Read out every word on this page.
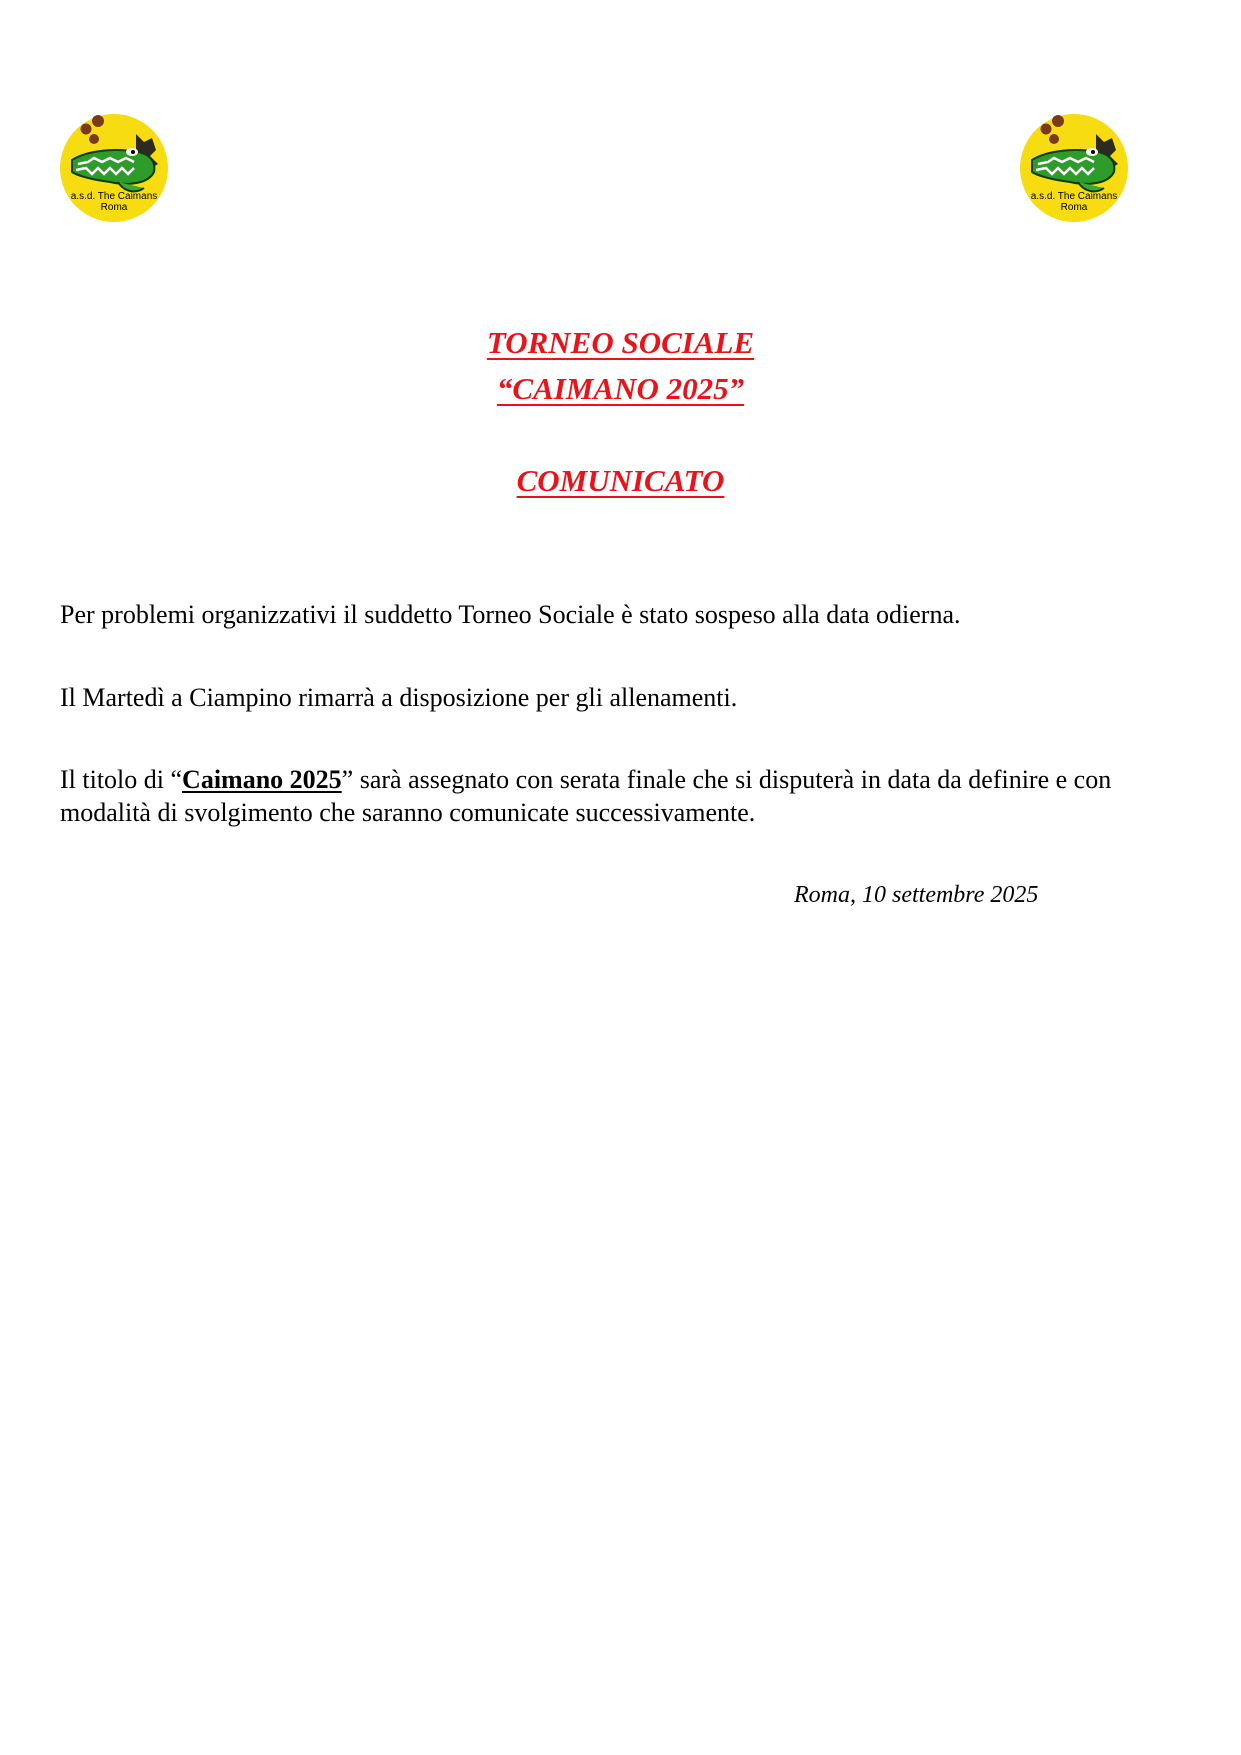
a.s.d. The Caimans
Roma
a.s.d. The Caimans
Roma
TORNEO SOCIALE
“CAIMANO 2025”
COMUNICATO
Per problemi organizzativi il suddetto Torneo Sociale è stato sospeso alla data odierna.
Il Martedì a Ciampino rimarrà a disposizione per gli allenamenti.
Il titolo di “Caimano 2025” sarà assegnato con serata finale che si disputerà in data da definire e con modalità di svolgimento che saranno comunicate successivamente.
Roma, 10 settembre 2025
